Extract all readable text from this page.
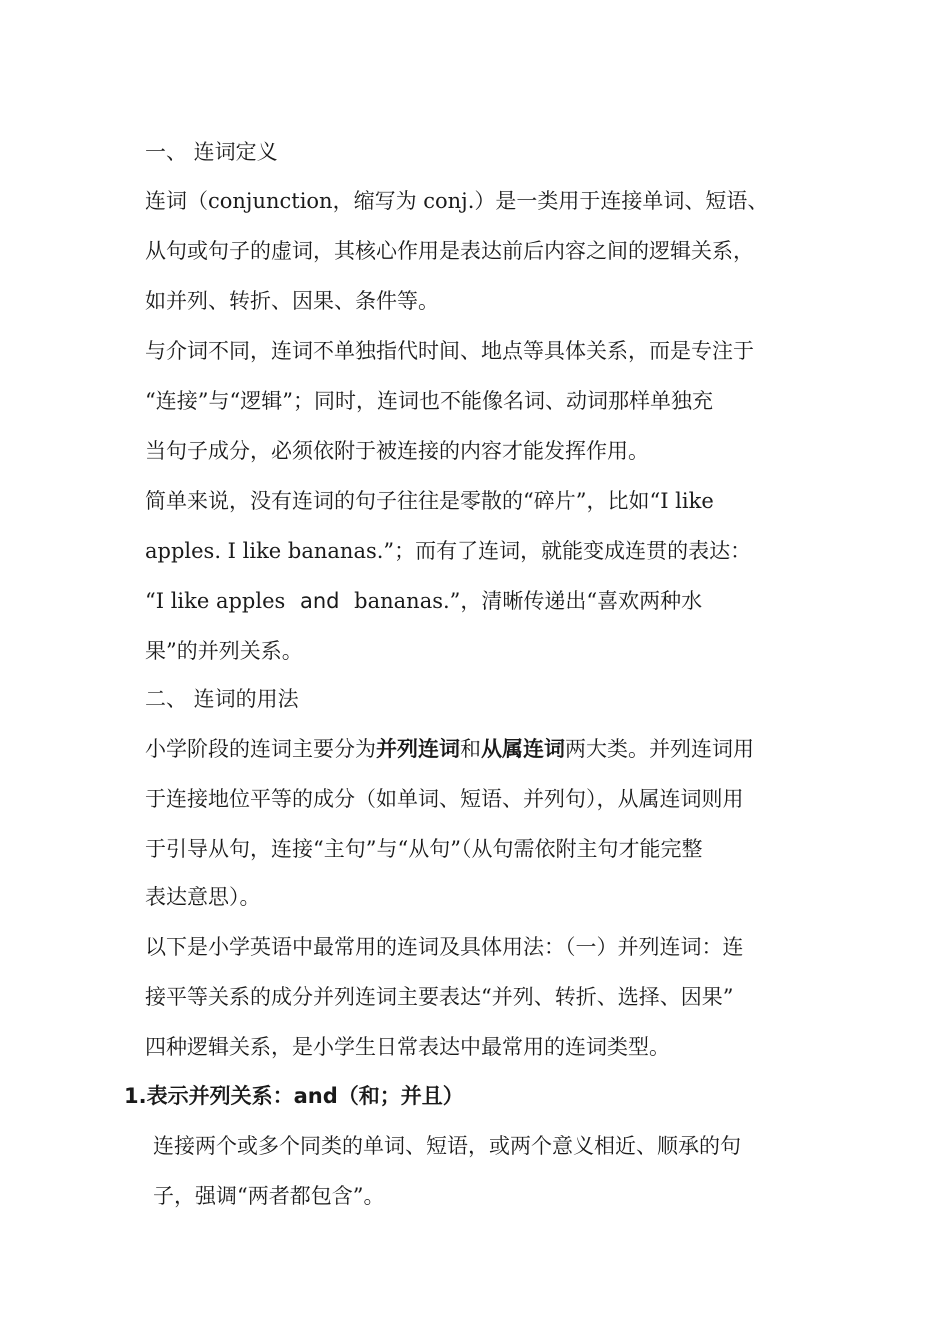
一、 连词定义
连词（conjunction，缩写为 conj.）是一类用于连接单词、短语、
从句或句子的虚词，其核心作用是表达前后内容之间的逻辑关系，
如并列、转折、因果、条件等。
与介词不同，连词不单独指代时间、地点等具体关系，而是专注于
“连接”与“逻辑”；同时，连词也不能像名词、动词那样单独充
当句子成分，必须依附于被连接的内容才能发挥作用。
简单来说，没有连词的句子往往是零散的“碎片”，比如“I like
apples. I like bananas.”；而有了连词，就能变成连贯的表达：
“I like apples and bananas.”，清晰传递出“喜欢两种水
果”的并列关系。
二、 连词的用法
小学阶段的连词主要分为并列连词和从属连词两大类。并列连词用
于连接地位平等的成分（如单词、短语、并列句），从属连词则用
于引导从句，连接“主句”与“从句”（从句需依附主句才能完整
表达意思）。
以下是小学英语中最常用的连词及具体用法：（一）并列连词：连
接平等关系的成分并列连词主要表达“并列、转折、选择、因果”
四种逻辑关系，是小学生日常表达中最常用的连词类型。
1.表示并列关系：and（和；并且）
连接两个或多个同类的单词、短语，或两个意义相近、顺承的句
子，强调“两者都包含”。
